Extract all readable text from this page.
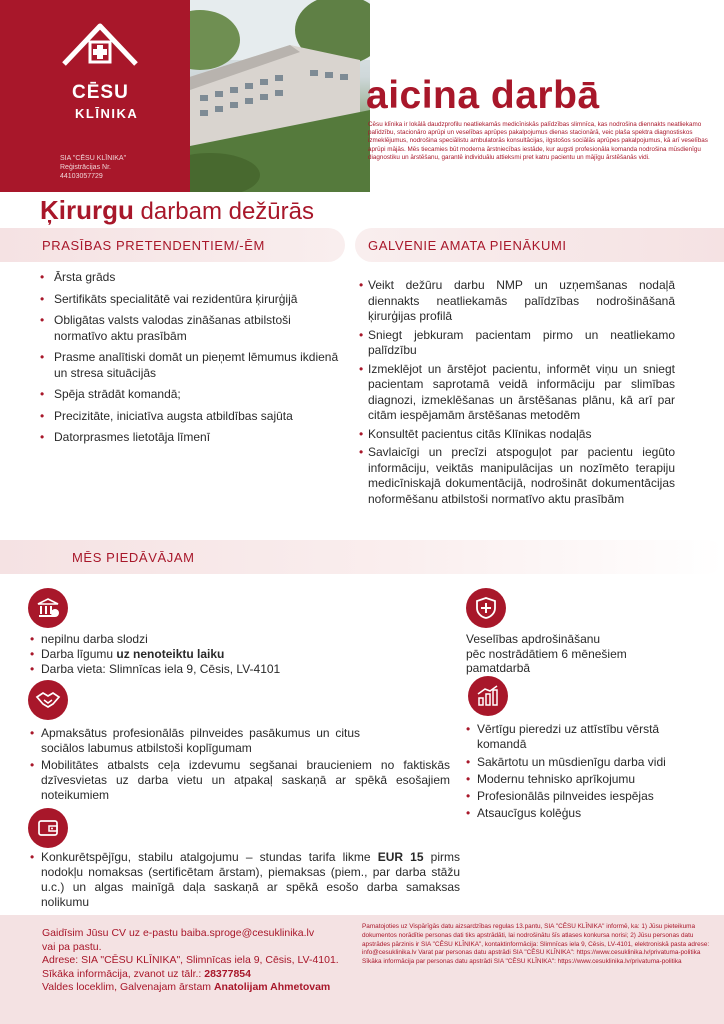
CĒSU
KLĪNIKA
SIA "CĒSU KLĪNIKA"
Reģistrācijas Nr.
44103057729
aicina darbā
Cēsu klīnika ir lokālā daudzprofilu neatliekamās medicīniskās palīdzības slimnīca, kas nodrošina diennakts neatliekamo palīdzību, stacionāro aprūpi un veselības aprūpes pakalpojumus dienas stacionārā, veic plaša spektra diagnostiskos izmeklējumus, nodrošina speciālistu ambulatorās konsultācijas, ilgstošos sociālās aprūpes pakalpojumus, kā arī veselības aprūpi mājās. Mēs tiecamies būt moderna ārstniecības iestāde, kur augsti profesionāla komanda nodrošina mūsdienīgu diagnostiku un ārstēšanu, garantē individuālu attieksmi pret katru pacientu un mājīgu ārstēšanās vidi.
Ķirurgu darbam dežūrās
PRASĪBAS PRETENDENTIEM/-ĒM	GALVENIE AMATA PIENĀKUMI
• Ārsta grāds
• Sertifikāts specialitātē vai rezidentūra ķirurģijā
• Obligātas valsts valodas zināšanas atbilstoši normatīvo aktu prasībām
• Prasme analītiski domāt un pieņemt lēmumus ikdienā un stresa situācijās
• Spēja strādāt komandā;
• Precizitāte, iniciatīva augsta atbildības sajūta
• Datorprasmes lietotāja līmenī
• Veikt dežūru darbu NMP un uzņemšanas nodaļā diennakts neatliekamās palīdzības nodrošināšanā ķirurģijas profilā
• Sniegt jebkuram pacientam pirmo un neatliekamo palīdzību
• Izmeklējot un ārstējot pacientu, informēt viņu un sniegt pacientam saprotamā veidā informāciju par slimības diagnozi, izmeklēšanas un ārstēšanas plānu, kā arī par citām iespējamām ārstēšanas metodēm
• Konsultēt pacientus citās Klīnikas nodaļās
• Savlaicīgi un precīzi atspoguļot par pacientu iegūto informāciju, veiktās manipulācijas un nozīmēto terapiju medicīniskajā dokumentācijā, nodrošināt dokumentācijas noformēšanu atbilstoši normatīvo aktu prasībām
MĒS PIEDĀVĀJAM
• nepilnu darba slodzi
• Darba līgumu uz nenoteiktu laiku
• Darba vieta: Slimnīcas iela 9, Cēsis, LV-4101
Veselības apdrošināšanu
pēc nostrādātiem 6 mēnešiem
pamatdarbā
• Apmaksātus profesionālās pilnveides pasākumus un citus sociālos labumus atbilstoši koplīgumam
• Mobilitātes atbalsts ceļa izdevumu segšanai braucieniem no faktiskās dzīvesvietas uz darba vietu un atpakaļ saskaņā ar spēkā esošajiem noteikumiem
• Vērtīgu pieredzi uz attīstību vērstā komandā
• Sakārtotu un mūsdienīgu darba vidi
• Modernu tehnisko aprīkojumu
• Profesionālās pilnveides iespējas
• Atsaucīgus kolēģus
• Konkurētspējīgu, stabilu atalgojumu – stundas tarifa likme EUR 15 pirms nodokļu nomaksas (sertificētam ārstam), piemaksas (piem., par darba stāžu u.c.) un algas mainīgā daļa saskaņā ar spēkā esošo darba samaksas nolikumu
Gaidīsim Jūsu CV uz e-pastu baiba.sproge@cesuklinika.lv
vai pa pastu.
Adrese: SIA "CĒSU KLĪNIKA", Slimnīcas iela 9, Cēsis, LV-4101.
Sīkāka informācija, zvanot uz tālr.: 28377854
Valdes loceklim, Galvenajam ārstam Anatolijam Ahmetovam
Pamatojoties uz Vispārīgās datu aizsardzības regulas 13.pantu, SIA "CĒSU KLĪNIKA" informē, ka: 1) Jūsu pieteikuma dokumentos norādītie personas dati tiks apstrādāti, lai nodrošinātu šīs atlases konkursa norisi; 2) Jūsu personas datu apstrādes pārzinis ir SIA "CĒSU KLĪNIKA", kontaktinformācija: Slimnīcas iela 9, Cēsis, LV-4101, elektroniskā pasta adrese: info@cesuklinika.lv Varat par personas datu apstrādi SIA "CĒSU KLĪNIKA": https://www.cesuklinika.lv/privatuma-politika Sīkāka informācija par personas datu apstrādi SIA "CĒSU KLĪNIKA": https://www.cesuklinika.lv/privatuma-politika
